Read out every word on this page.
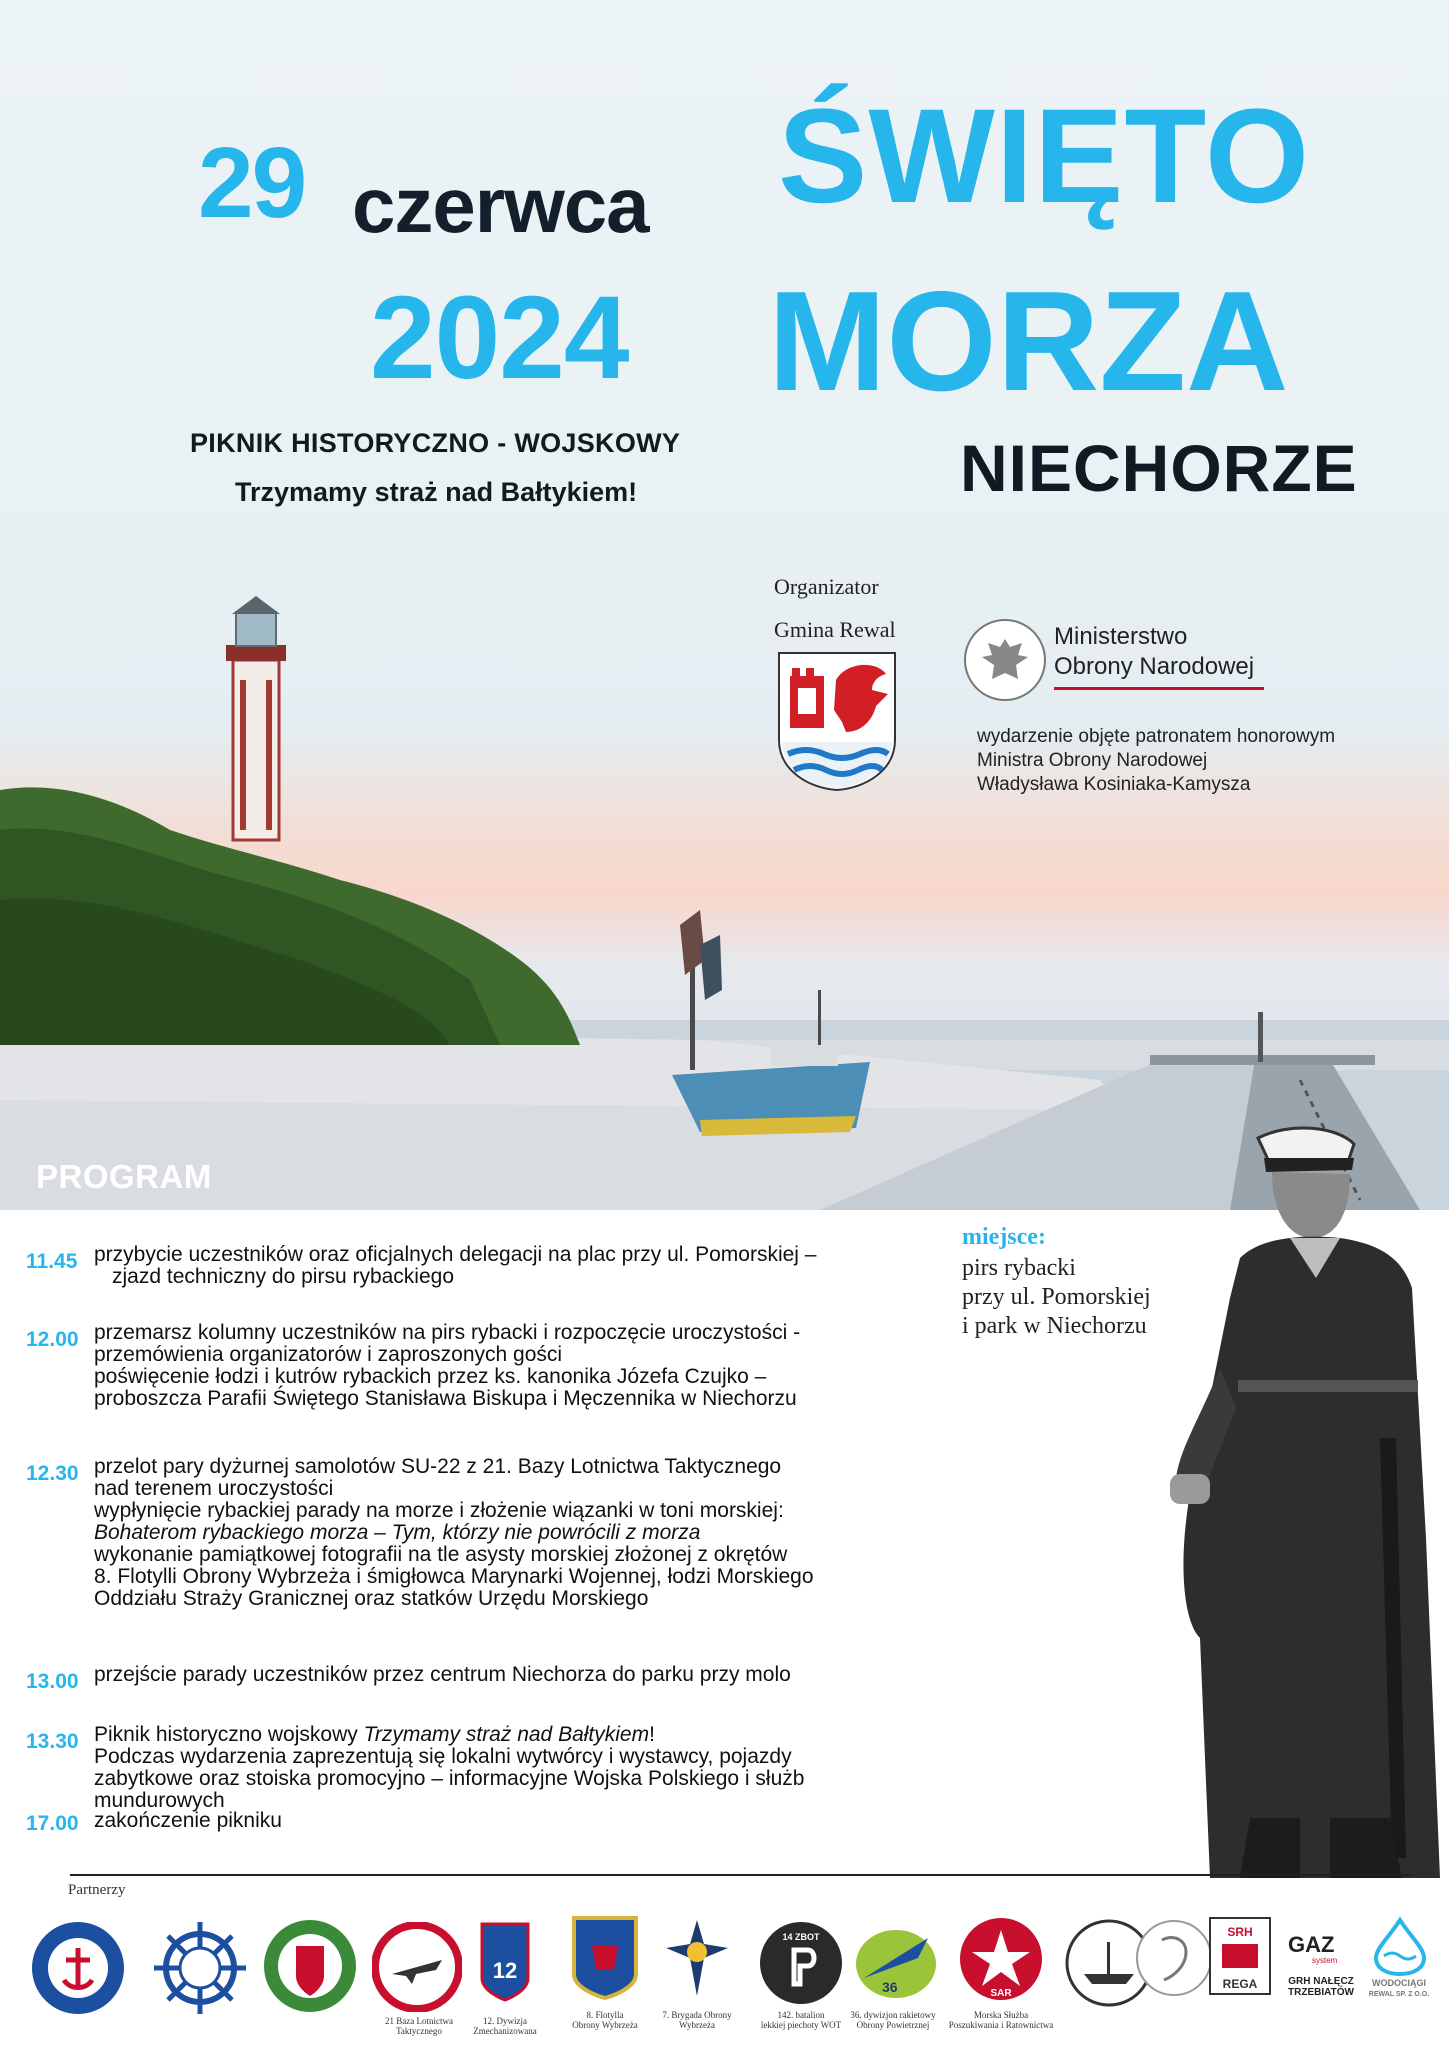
29 czerwca
2024
ŚWIĘTO
MORZA
NIECHORZE
PIKNIK HISTORYCZNO - WOJSKOWY
Trzymamy straż nad Bałtykiem!
Organizator
Gmina Rewal	Ministerstwo
Obrony Narodowej
wydarzenie objęte patronatem honorowym
Ministra Obrony Narodowej
Władysława Kosiniaka-Kamysza
PROGRAM
11.45 przybycie uczestników oraz oficjalnych delegacji na plac przy ul. Pomorskiej –
zjazd techniczny do pirsu rybackiego
12.00 przemarsz kolumny uczestników na pirs rybacki i rozpoczęcie uroczystości -
przemówienia organizatorów i zaproszonych gości
poświęcenie łodzi i kutrów rybackich przez ks. kanonika Józefa Czujko –
proboszcza Parafii Świętego Stanisława Biskupa i Męczennika w Niechorzu
12.30 przelot pary dyżurnej samolotów SU-22 z 21. Bazy Lotnictwa Taktycznego
nad terenem uroczystości
wypłynięcie rybackiej parady na morze i złożenie wiązanki w toni morskiej:
Bohaterom rybackiego morza – Tym, którzy nie powrócili z morza
wykonanie pamiątkowej fotografii na tle asysty morskiej złożonej z okrętów
8. Flotylli Obrony Wybrzeża i śmigłowca Marynarki Wojennej, łodzi Morskiego
Oddziału Straży Granicznej oraz statków Urzędu Morskiego
13.00 przejście parady uczestników przez centrum Niechorza do parku przy molo
13.30 Piknik historyczno wojskowy Trzymamy straż nad Bałtykiem!
Podczas wydarzenia zaprezentują się lokalni wytwórcy i wystawcy, pojazdy
zabytkowe oraz stoiska promocyjno – informacyjne Wojska Polskiego i służb
mundurowych
17.00 zakończenie pikniku
miejsce:
pirs rybacki
przy ul. Pomorskiej
i park w Niechorzu
Partnerzy
21 Baza Lotnictwa
Taktycznego
12
12. Dywizja
Zmechanizowana
8. Flotylla
Obrony Wybrzeża
7. Brygada Obrony
Wybrzeża
14 ZBOT
142. batalion
lekkiej piechoty WOT
36
36. dywizjon rakietowy
Obrony Powietrznej
SAR
Morska Służba
Poszukiwania i Ratownictwa
SRH
REGA
GAZ
system
GRH NAŁĘCZ
TRZEBIATÓW
WODOCIĄGI
REWAL SP. Z O.O.
